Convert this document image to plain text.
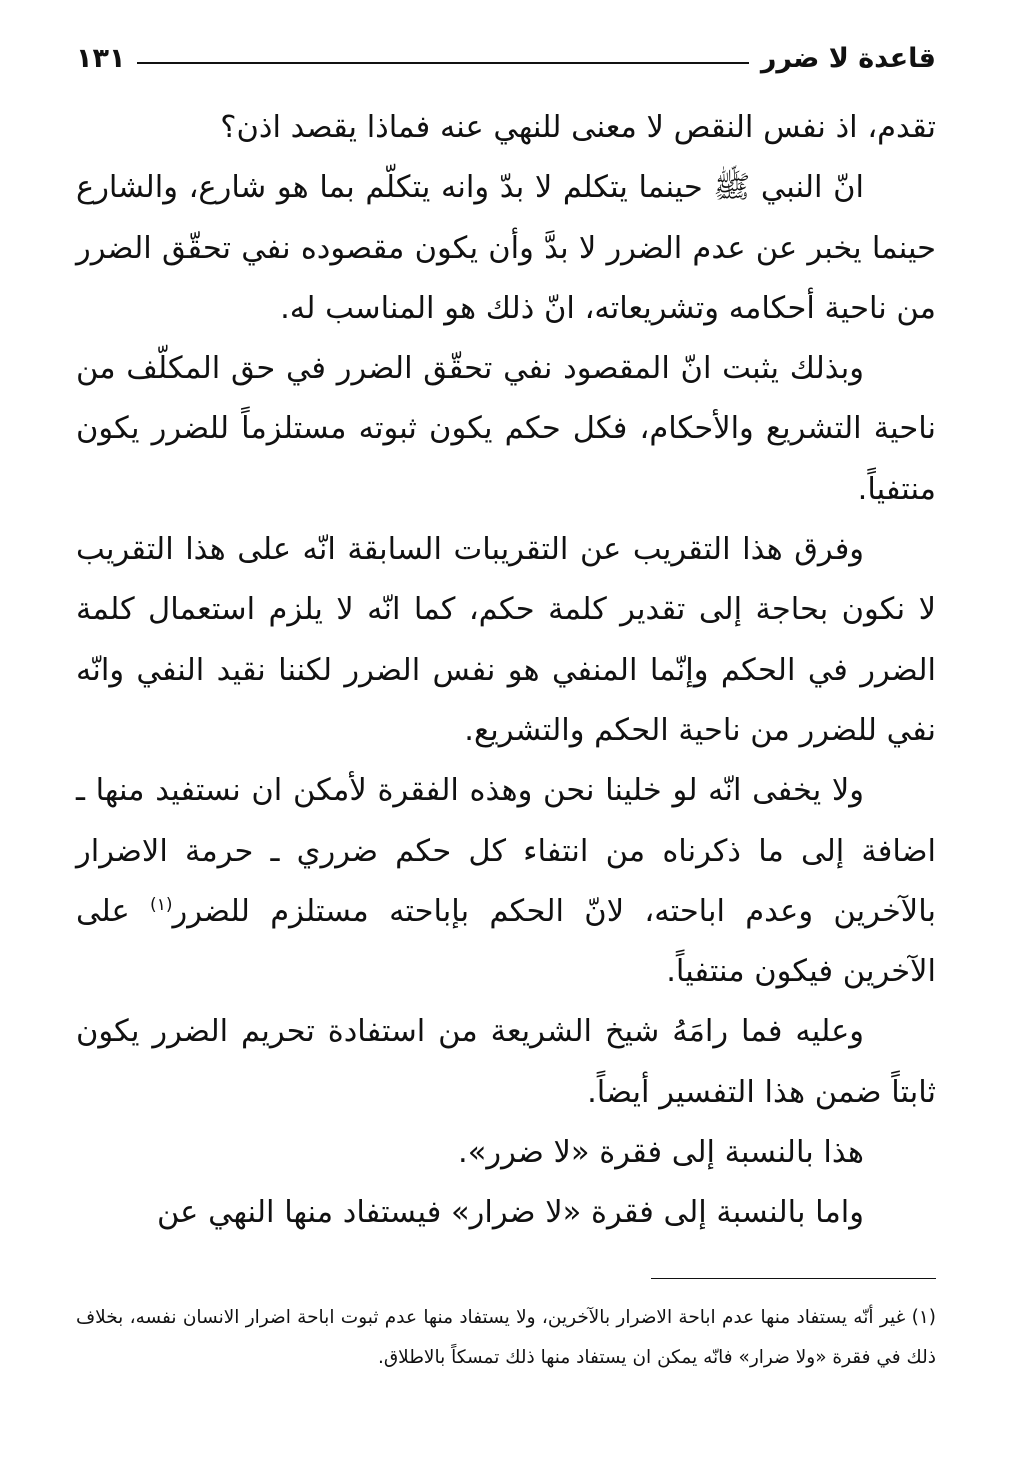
قاعدة لا ضرر
١٣١

تقدم، اذ نفس النقص لا معنى للنهي عنه فماذا يقصد اذن؟

انّ النبي ﷺ حينما يتكلم لا بدّ وانه يتكلّم بما هو شارع، والشارع حينما يخبر عن عدم الضرر لا بدَّ وأن يكون مقصوده نفي تحقّق الضرر من ناحية أحكامه وتشريعاته، انّ ذلك هو المناسب له.

وبذلك يثبت انّ المقصود نفي تحقّق الضرر في حق المكلّف من ناحية التشريع والأحكام، فكل حكم يكون ثبوته مستلزماً للضرر يكون منتفياً.

وفرق هذا التقريب عن التقريبات السابقة انّه على هذا التقريب لا نكون بحاجة إلى تقدير كلمة حكم، كما انّه لا يلزم استعمال كلمة الضرر في الحكم وإنّما المنفي هو نفس الضرر لكننا نقيد النفي وانّه نفي للضرر من ناحية الحكم والتشريع.

ولا يخفى انّه لو خلينا نحن وهذه الفقرة لأمكن ان نستفيد منها ـ اضافة إلى ما ذكرناه من انتفاء كل حكم ضرري ـ حرمة الاضرار بالآخرين وعدم اباحته، لانّ الحكم بإباحته مستلزم للضرر$^{(١)}$ على الآخرين فيكون منتفياً.

وعليه فما رامَهُ شيخ الشريعة من استفادة تحريم الضرر يكون ثابتاً ضمن هذا التفسير أيضاً.

هذا بالنسبة إلى فقرة «لا ضرر».

واما بالنسبة إلى فقرة «لا ضرار» فيستفاد منها النهي عن

(١) غير أنّه يستفاد منها عدم اباحة الاضرار بالآخرين، ولا يستفاد منها عدم ثبوت اباحة اضرار الانسان نفسه، بخلاف ذلك في فقرة «ولا ضرار» فانّه يمكن ان يستفاد منها ذلك تمسكاً بالاطلاق.
